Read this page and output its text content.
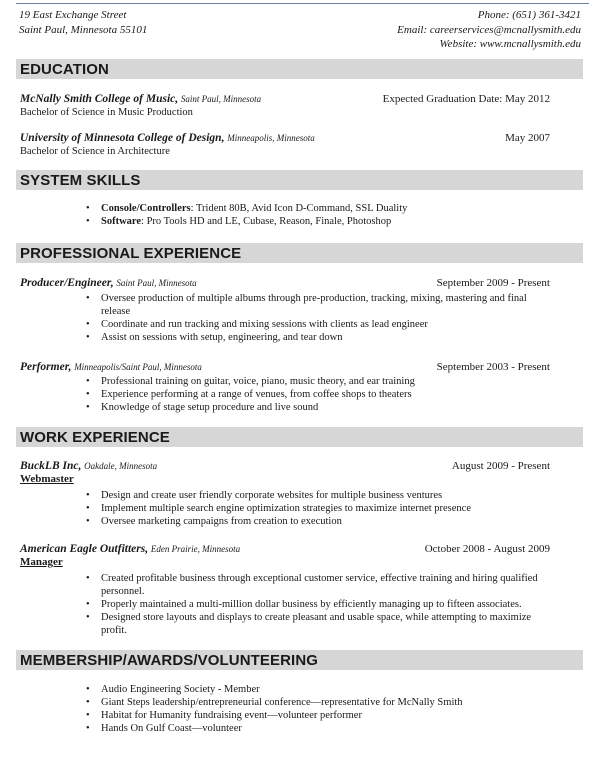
19 East Exchange Street
Saint Paul, Minnesota 55101
Phone: (651) 361-3421
Email: careerservices@mcnallysmith.edu
Website: www.mcnallysmith.edu
EDUCATION
McNally Smith College of Music, Saint Paul, Minnesota	Expected Graduation Date: May 2012
Bachelor of Science in Music Production
University of Minnesota College of Design, Minneapolis, Minnesota	May 2007
Bachelor of Science in Architecture
SYSTEM SKILLS
• Console/Controllers: Trident 80B, Avid Icon D-Command, SSL Duality
• Software: Pro Tools HD and LE, Cubase, Reason, Finale, Photoshop
PROFESSIONAL EXPERIENCE
Producer/Engineer, Saint Paul, Minnesota	September 2009 - Present
• Oversee production of multiple albums through pre-production, tracking, mixing, mastering and final release
• Coordinate and run tracking and mixing sessions with clients as lead engineer
• Assist on sessions with setup, engineering, and tear down
Performer, Minneapolis/Saint Paul, Minnesota	September 2003 - Present
• Professional training on guitar, voice, piano, music theory, and ear training
• Experience performing at a range of venues, from coffee shops to theaters
• Knowledge of stage setup procedure and live sound
WORK EXPERIENCE
BuckLB Inc, Oakdale, Minnesota	August 2009 - Present
Webmaster
• Design and create user friendly corporate websites for multiple business ventures
• Implement multiple search engine optimization strategies to maximize internet presence
• Oversee marketing campaigns from creation to execution
American Eagle Outfitters, Eden Prairie, Minnesota	October 2008 - August 2009
Manager
• Created profitable business through exceptional customer service, effective training and hiring qualified personnel.
• Properly maintained a multi-million dollar business by efficiently managing up to fifteen associates.
• Designed store layouts and displays to create pleasant and usable space, while attempting to maximize profit.
MEMBERSHIP/AWARDS/VOLUNTEERING
• Audio Engineering Society - Member
• Giant Steps leadership/entrepreneurial conference—representative for McNally Smith
• Habitat for Humanity fundraising event—volunteer performer
• Hands On Gulf Coast—volunteer
